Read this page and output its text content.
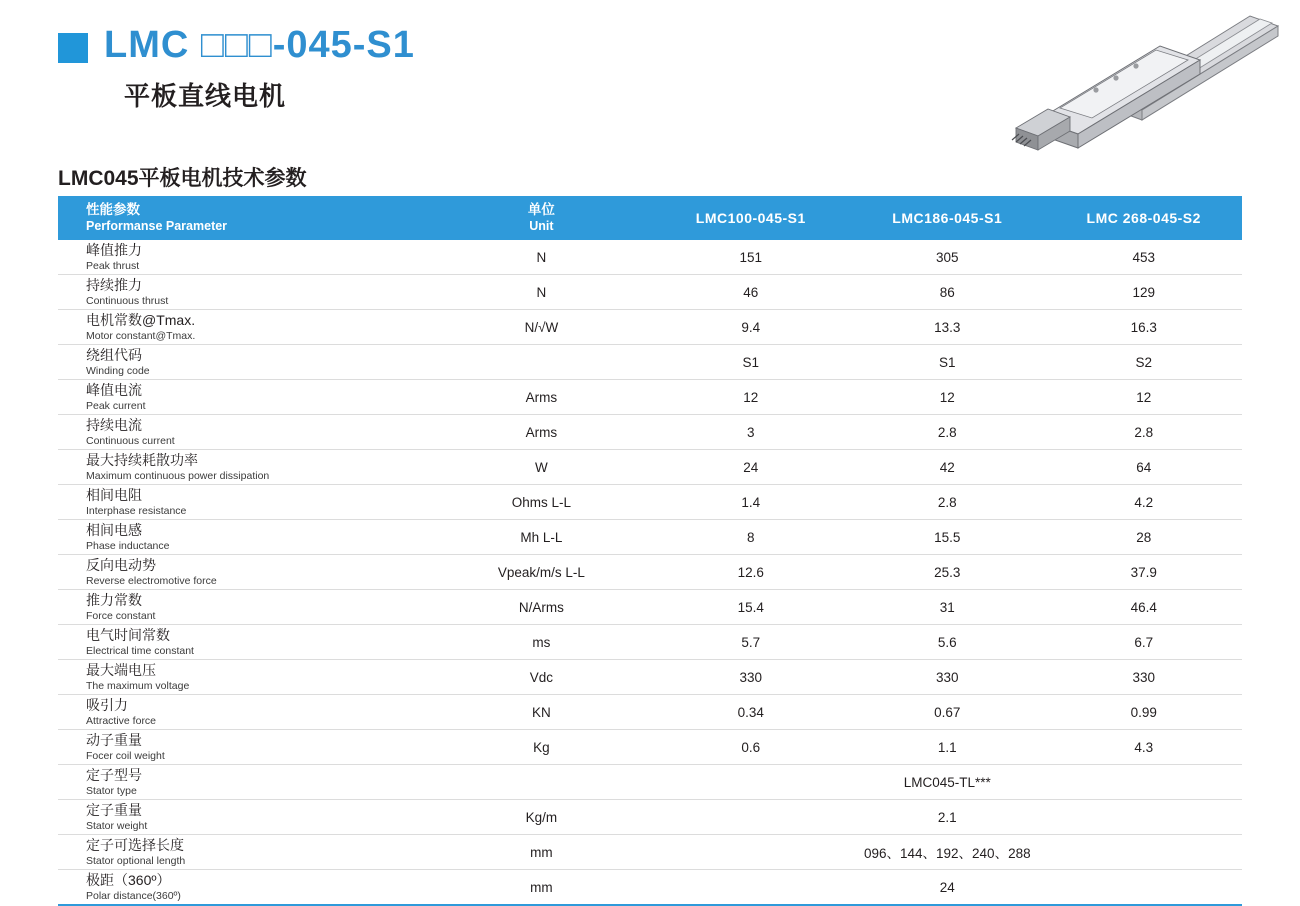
LMC □□□-045-S1
平板直线电机
LMC045平板电机技术参数
性能参数
Performanse Parameter	单位
Unit	LMC100-045-S1	LMC186-045-S1	LMC 268-045-S2

峰值推力
Peak thrust	N	151	305	453

持续推力
Continuous thrust	N	46	86	129

电机常数@Tmax.
Motor constant@Tmax.	N/√W	9.4	13.3	16.3

绕组代码
Winding code		S1	S1	S2

峰值电流
Peak current	Arms	12	12	12

持续电流
Continuous current	Arms	3	2.8	2.8

最大持续耗散功率
Maximum continuous power dissipation	W	24	42	64

相间电阻
Interphase resistance	Ohms L-L	1.4	2.8	4.2

相间电感
Phase inductance	Mh L-L	8	15.5	28

反向电动势
Reverse electromotive force	Vpeak/m/s L-L	12.6	25.3	37.9

推力常数
Force constant	N/Arms	15.4	31	46.4

电气时间常数
Electrical time constant	ms	5.7	5.6	6.7

最大端电压
The maximum voltage	Vdc	330	330	330

吸引力
Attractive force	KN	0.34	0.67	0.99

动子重量
Focer coil weight	Kg	0.6	1.1	4.3

定子型号
Stator type		LMC045-TL***		

定子重量
Stator weight	Kg/m	2.1		

定子可选择长度
Stator optional length	mm	096、144、192、240、288		

极距（360º）
Polar distance(360º)	mm	24		
